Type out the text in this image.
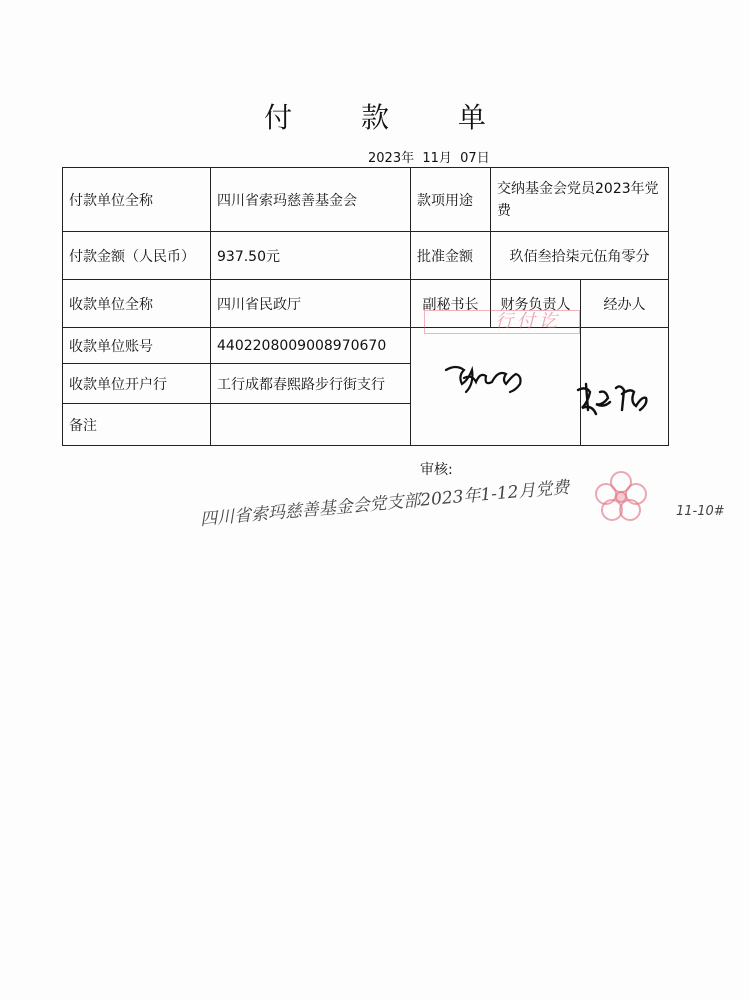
付 款 单
2023年  11月  07日
付款单位全称	四川省索玛慈善基金会	款项用途	交纳基金会党员2023年党费	
付款金额（人民币）	937.50元	批准金额	玖佰叁拾柒元伍角零分	
收款单位全称	四川省民政厅	副秘书长	财务负责人	经办人
收款单位账号	4402208009008970670			
收款单位开户行	工行成都春熙路步行街支行			
备注				
行付讫
审核:
四川省索玛慈善基金会党支部2023年1-12月党费	11-10#
